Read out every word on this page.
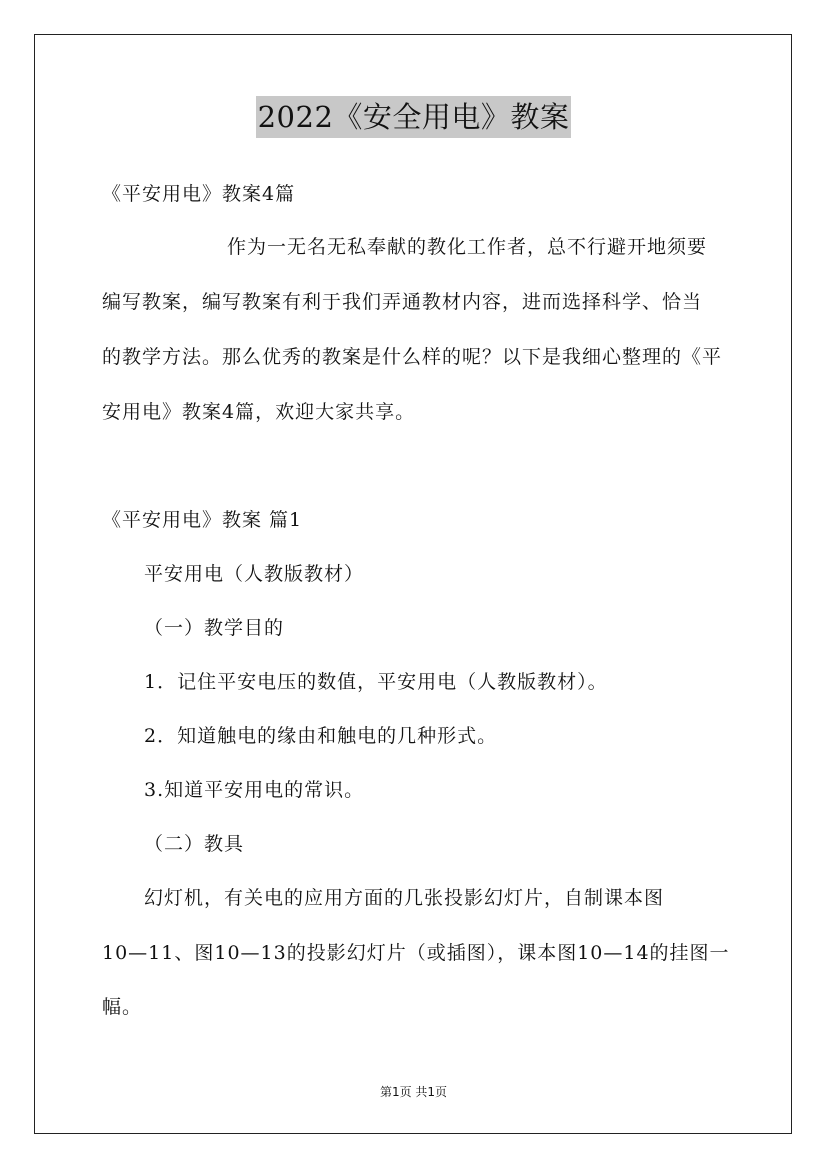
2022《安全用电》教案
《平安用电》教案4篇
作为一无名无私奉献的教化工作者，总不行避开地须要
编写教案，编写教案有利于我们弄通教材内容，进而选择科学、恰当
的教学方法。那么优秀的教案是什么样的呢？以下是我细心整理的《平
安用电》教案4篇，欢迎大家共享。
《平安用电》教案 篇1
平安用电（人教版教材）
（一）教学目的
1．记住平安电压的数值，平安用电（人教版教材）。
2．知道触电的缘由和触电的几种形式。
3.知道平安用电的常识。
（二）教具
幻灯机，有关电的应用方面的几张投影幻灯片，自制课本图
10—11、图10—13的投影幻灯片（或插图），课本图10—14的挂图一
幅。
第1页 共1页
